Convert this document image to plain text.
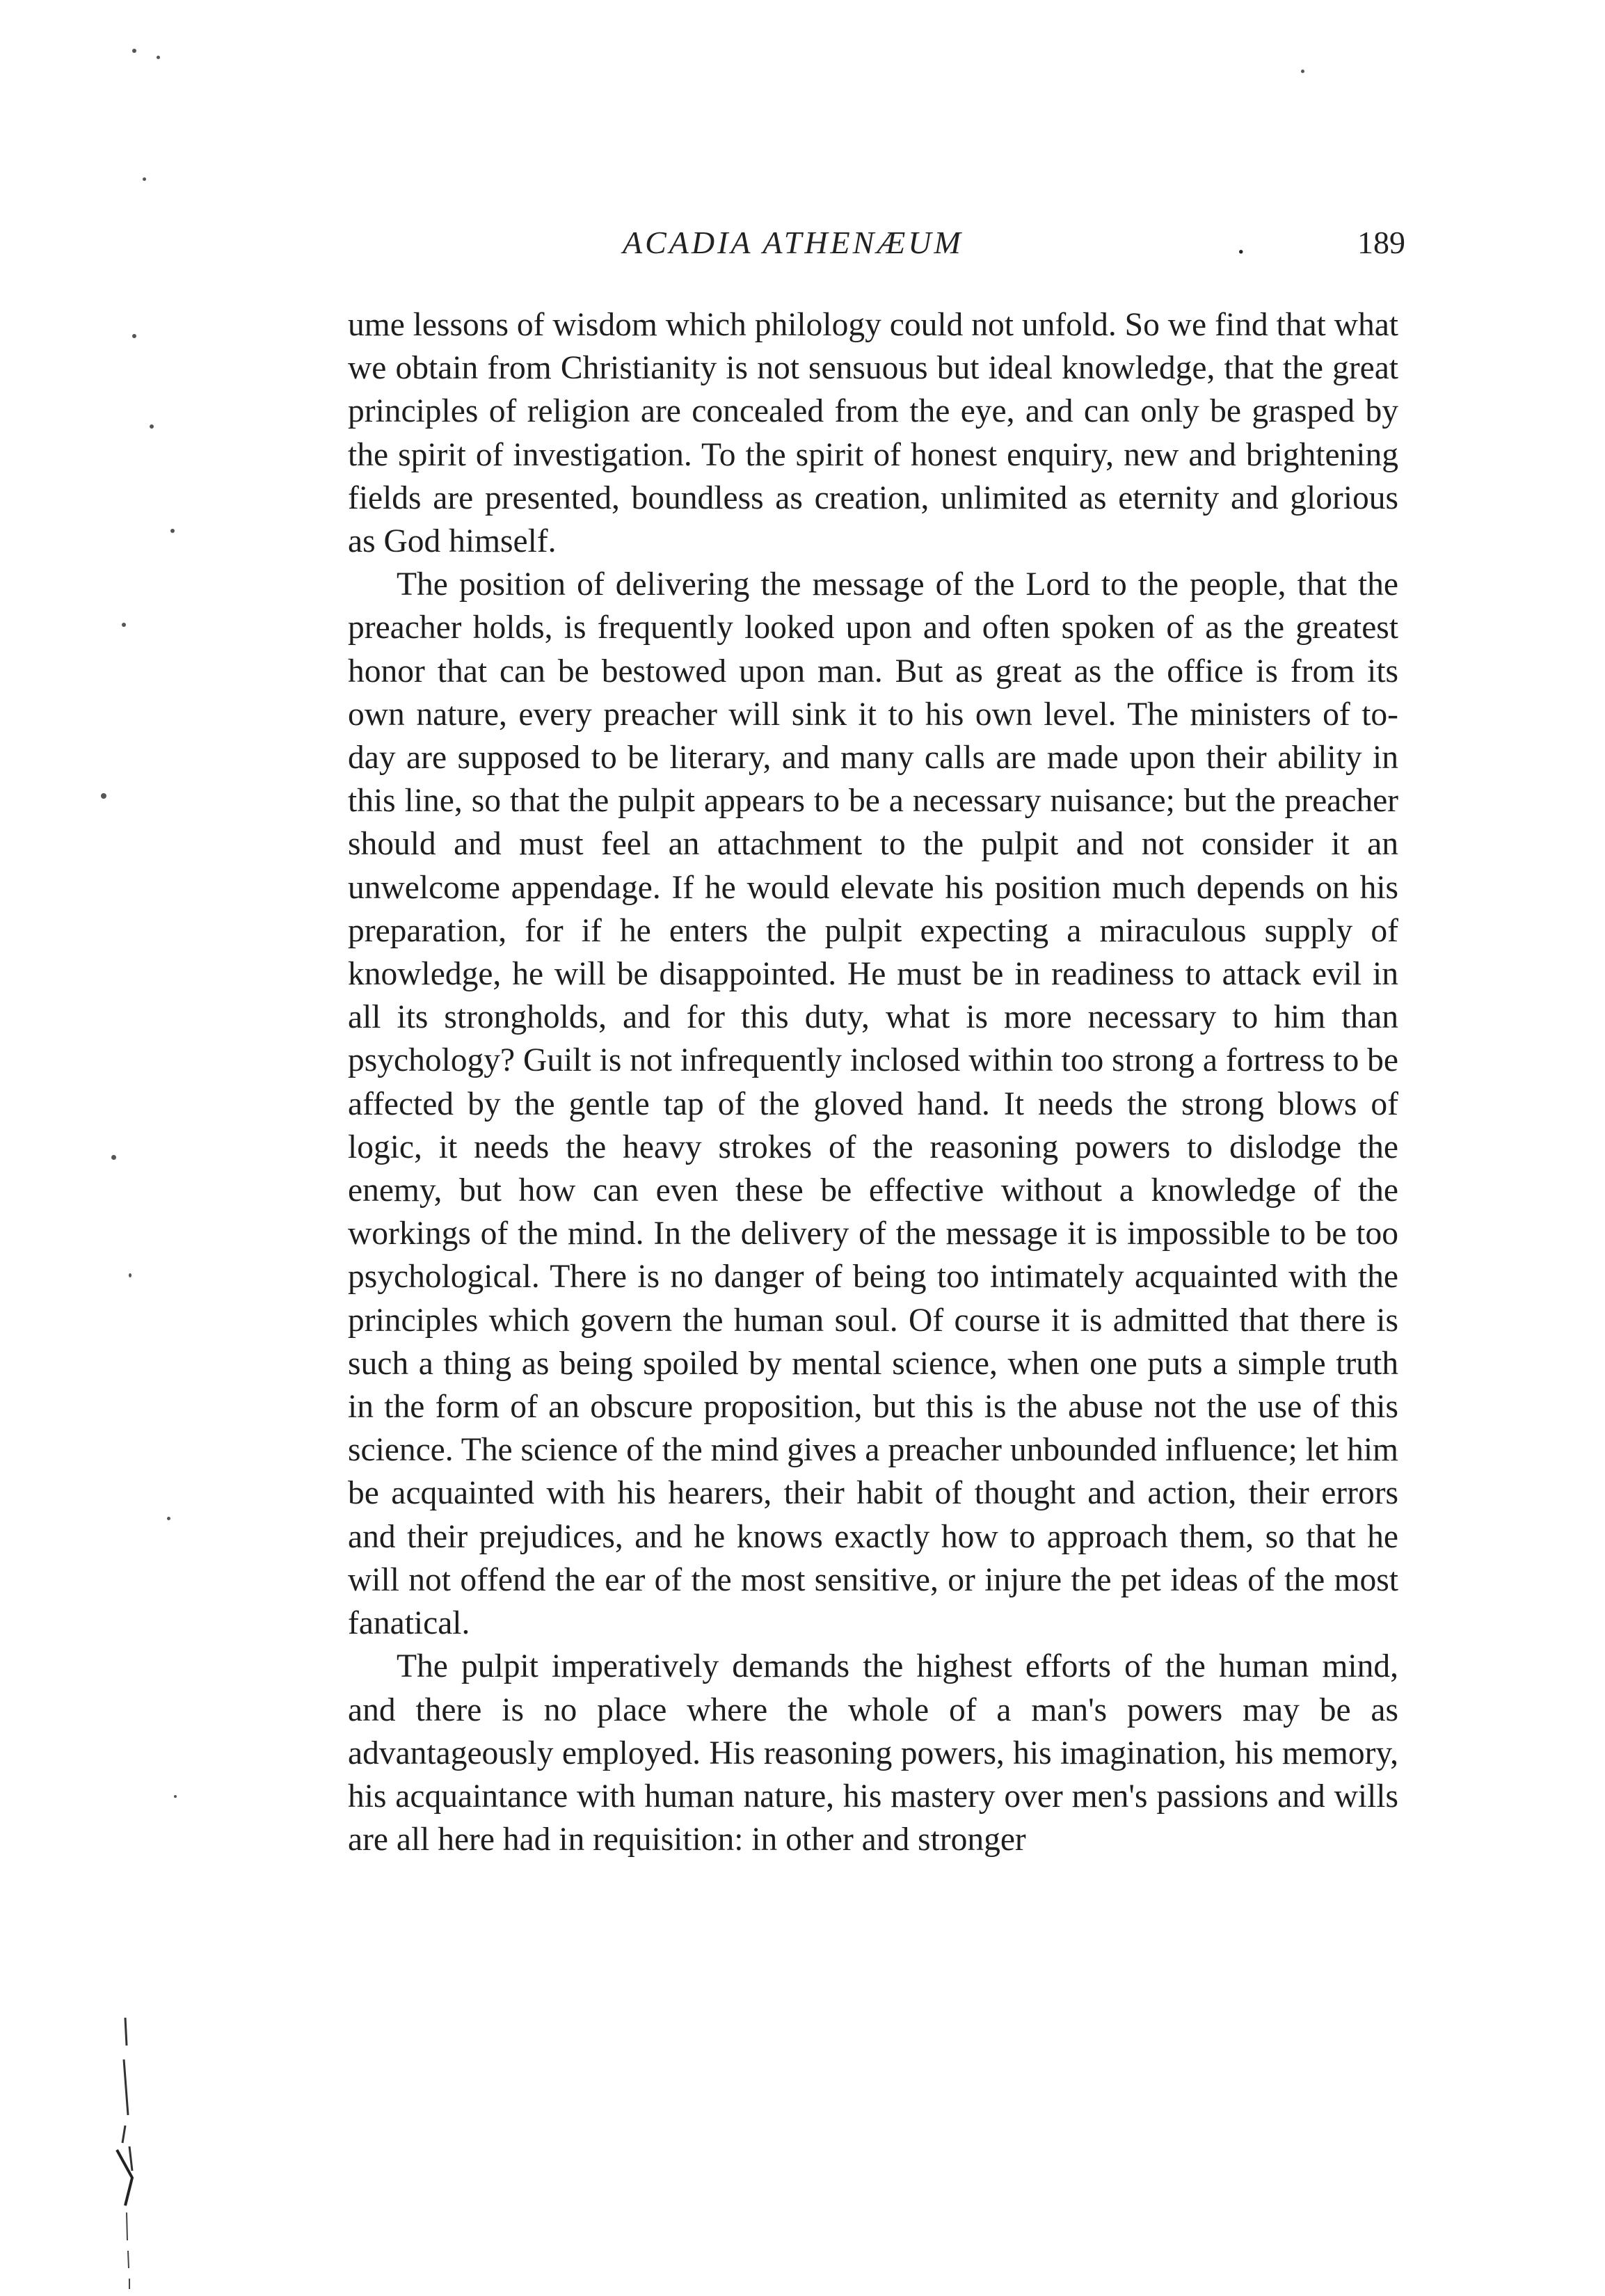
ACADIA ATHENÆUM	.	189

ume lessons of wisdom which philology could not unfold. So we find that what we obtain from Christianity is not sensuous but ideal knowledge, that the great principles of religion are concealed from the eye, and can only be grasped by the spirit of investigation. To the spirit of honest enquiry, new and brightening fields are presented, boundless as creation, unlimited as eternity and glorious as God himself.

The position of delivering the message of the Lord to the people, that the preacher holds, is frequently looked upon and often spoken of as the greatest honor that can be bestowed upon man. But as great as the office is from its own nature, every preacher will sink it to his own level. The ministers of to-day are supposed to be literary, and many calls are made upon their ability in this line, so that the pulpit appears to be a necessary nuisance; but the preacher should and must feel an attachment to the pulpit and not consider it an unwelcome appendage. If he would elevate his position much depends on his preparation, for if he enters the pulpit expecting a miraculous supply of knowledge, he will be disappointed. He must be in readiness to attack evil in all its strongholds, and for this duty, what is more necessary to him than psychology? Guilt is not infrequently inclosed within too strong a fortress to be affected by the gentle tap of the gloved hand. It needs the strong blows of logic, it needs the heavy strokes of the reasoning powers to dislodge the enemy, but how can even these be effective without a knowledge of the workings of the mind. In the delivery of the message it is impossible to be too psychological. There is no danger of being too intimately acquainted with the principles which govern the human soul. Of course it is admitted that there is such a thing as being spoiled by mental science, when one puts a simple truth in the form of an obscure proposition, but this is the abuse not the use of this science. The science of the mind gives a preacher unbounded influence; let him be acquainted with his hearers, their habit of thought and action, their errors and their prejudices, and he knows exactly how to approach them, so that he will not offend the ear of the most sensitive, or injure the pet ideas of the most fanatical.

The pulpit imperatively demands the highest efforts of the human mind, and there is no place where the whole of a man's powers may be as advantageously employed. His reasoning powers, his imagination, his memory, his acquaintance with human nature, his mastery over men's passions and wills are all here had in requisition: in other and stronger
